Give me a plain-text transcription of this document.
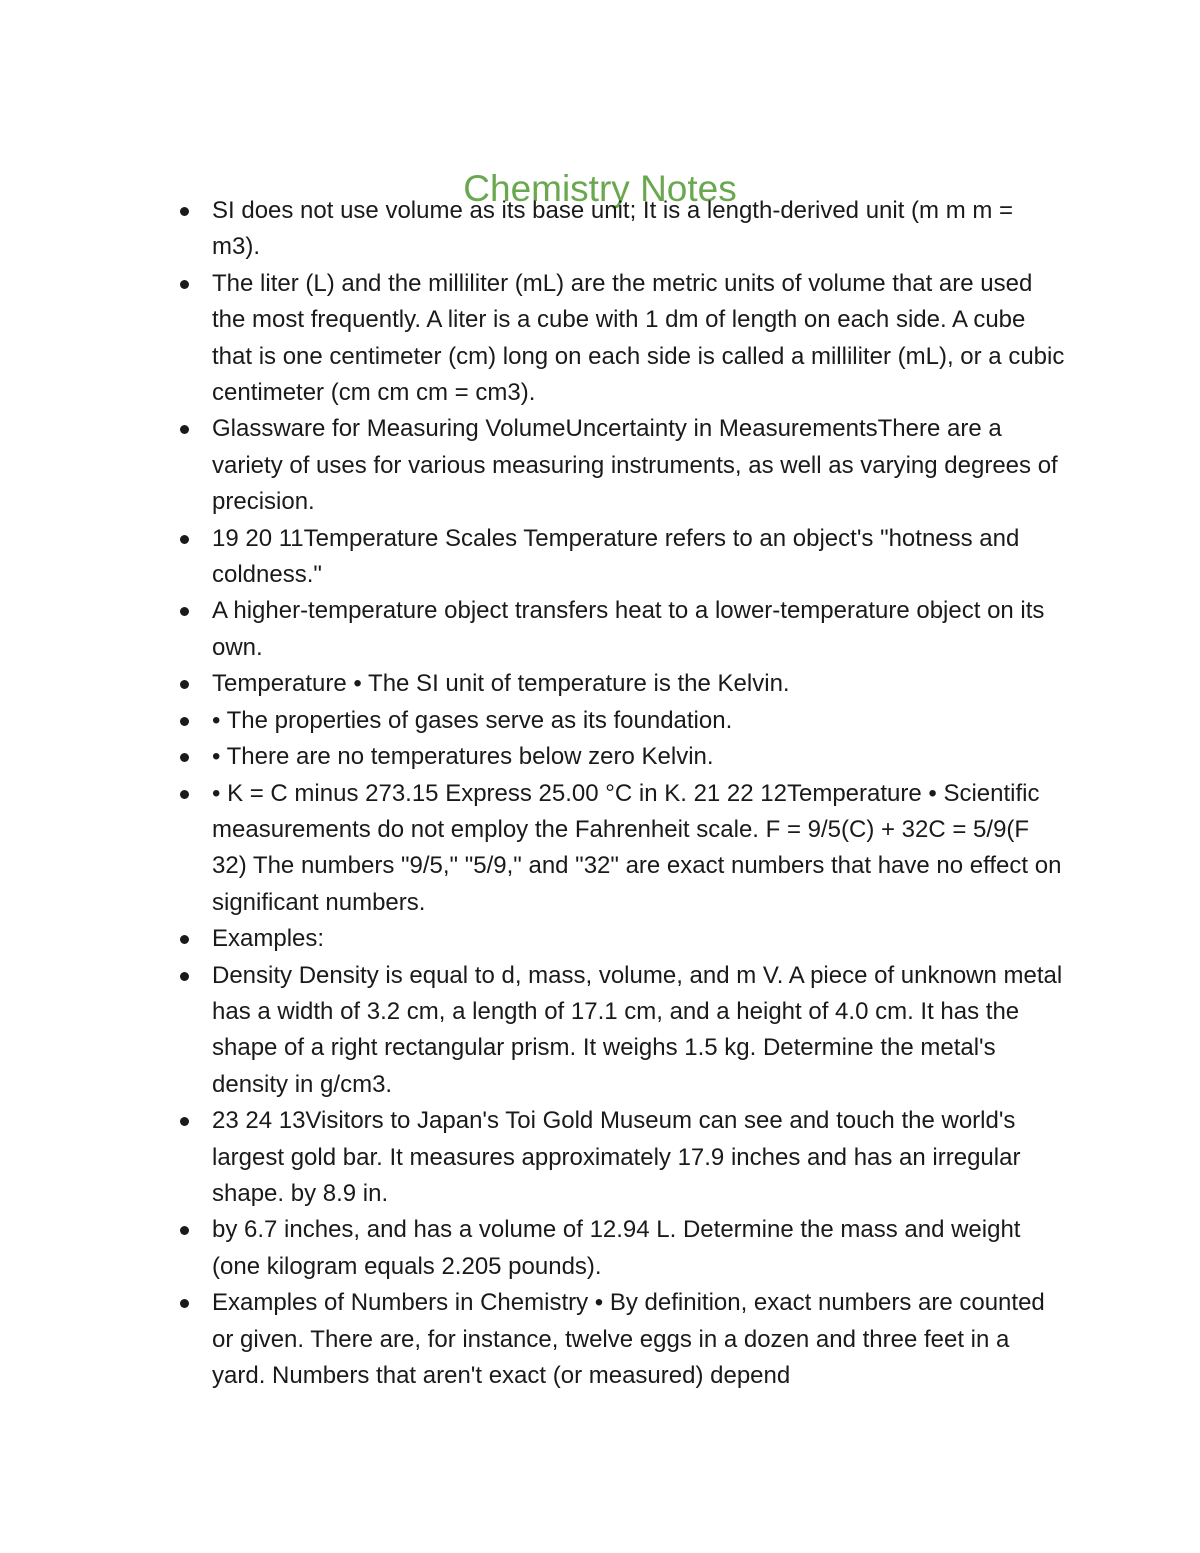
Chemistry Notes
SI does not use volume as its base unit; It is a length-derived unit (m m m = m3).
The liter (L) and the milliliter (mL) are the metric units of volume that are used the most frequently. A liter is a cube with 1 dm of length on each side. A cube that is one centimeter (cm) long on each side is called a milliliter (mL), or a cubic centimeter (cm cm cm = cm3).
Glassware for Measuring VolumeUncertainty in MeasurementsThere are a variety of uses for various measuring instruments, as well as varying degrees of precision.
19 20 11Temperature Scales Temperature refers to an object's "hotness and coldness."
A higher-temperature object transfers heat to a lower-temperature object on its own.
Temperature • The SI unit of temperature is the Kelvin.
• The properties of gases serve as its foundation.
• There are no temperatures below zero Kelvin.
• K = C minus 273.15 Express 25.00 °C in K. 21 22 12Temperature • Scientific measurements do not employ the Fahrenheit scale. F = 9/5(C) + 32C = 5/9(F 32) The numbers "9/5," "5/9," and "32" are exact numbers that have no effect on significant numbers.
Examples:
Density Density is equal to d, mass, volume, and m V. A piece of unknown metal has a width of 3.2 cm, a length of 17.1 cm, and a height of 4.0 cm. It has the shape of a right rectangular prism. It weighs 1.5 kg. Determine the metal's density in g/cm3.
23 24 13Visitors to Japan's Toi Gold Museum can see and touch the world's largest gold bar. It measures approximately 17.9 inches and has an irregular shape. by 8.9 in.
by 6.7 inches, and has a volume of 12.94 L. Determine the mass and weight (one kilogram equals 2.205 pounds).
Examples of Numbers in Chemistry • By definition, exact numbers are counted or given. There are, for instance, twelve eggs in a dozen and three feet in a yard. Numbers that aren't exact (or measured) depend
